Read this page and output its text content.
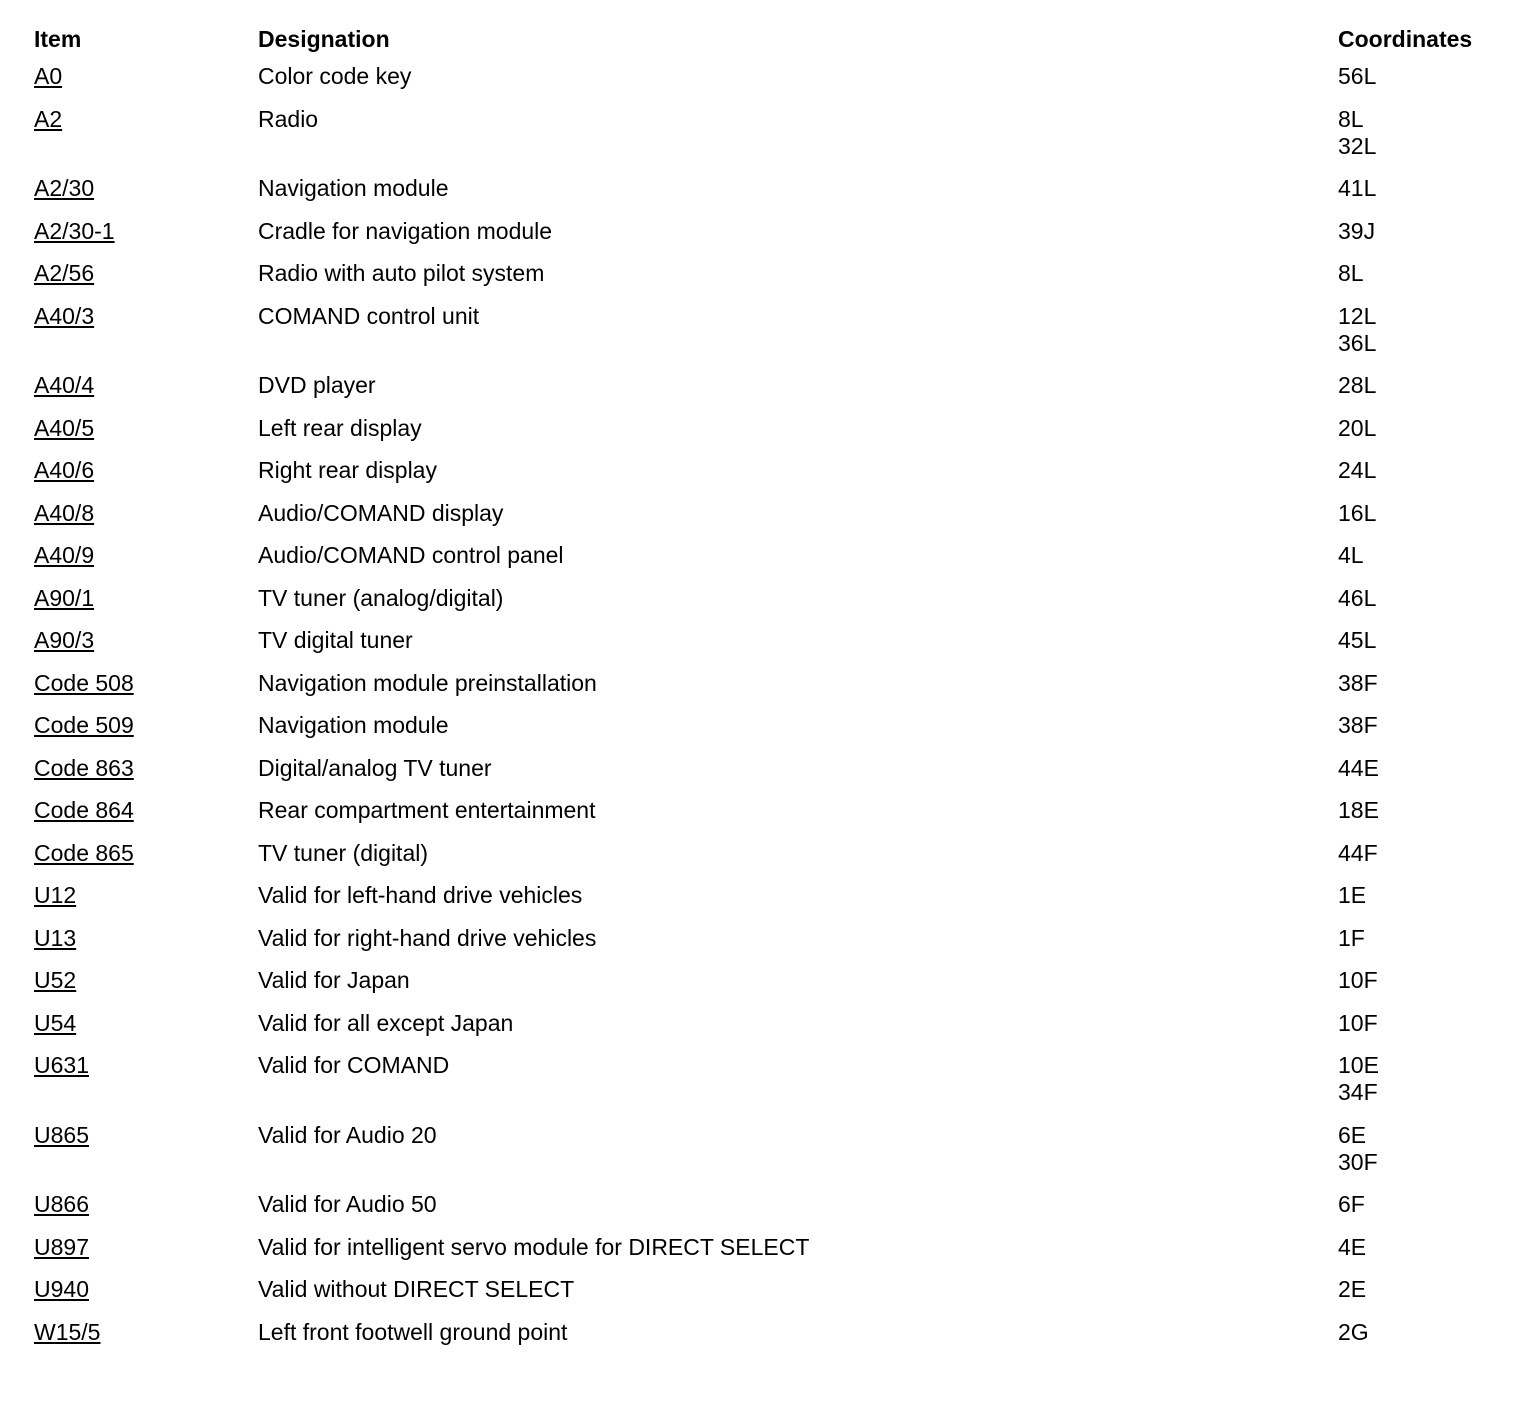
Item	Designation	Coordinates
A0	Color code key	56L
A2	Radio	8L
32L
A2/30	Navigation module	41L
A2/30-1	Cradle for navigation module	39J
A2/56	Radio with auto pilot system	8L
A40/3	COMAND control unit	12L
36L
A40/4	DVD player	28L
A40/5	Left rear display	20L
A40/6	Right rear display	24L
A40/8	Audio/COMAND display	16L
A40/9	Audio/COMAND control panel	4L
A90/1	TV tuner (analog/digital)	46L
A90/3	TV digital tuner	45L
Code 508	Navigation module preinstallation	38F
Code 509	Navigation module	38F
Code 863	Digital/analog TV tuner	44E
Code 864	Rear compartment entertainment	18E
Code 865	TV tuner (digital)	44F
U12	Valid for left-hand drive vehicles	1E
U13	Valid for right-hand drive vehicles	1F
U52	Valid for Japan	10F
U54	Valid for all except Japan	10F
U631	Valid for COMAND	10E
34F
U865	Valid for Audio 20	6E
30F
U866	Valid for Audio 50	6F
U897	Valid for intelligent servo module for DIRECT SELECT	4E
U940	Valid without DIRECT SELECT	2E
W15/5	Left front footwell ground point	2G
